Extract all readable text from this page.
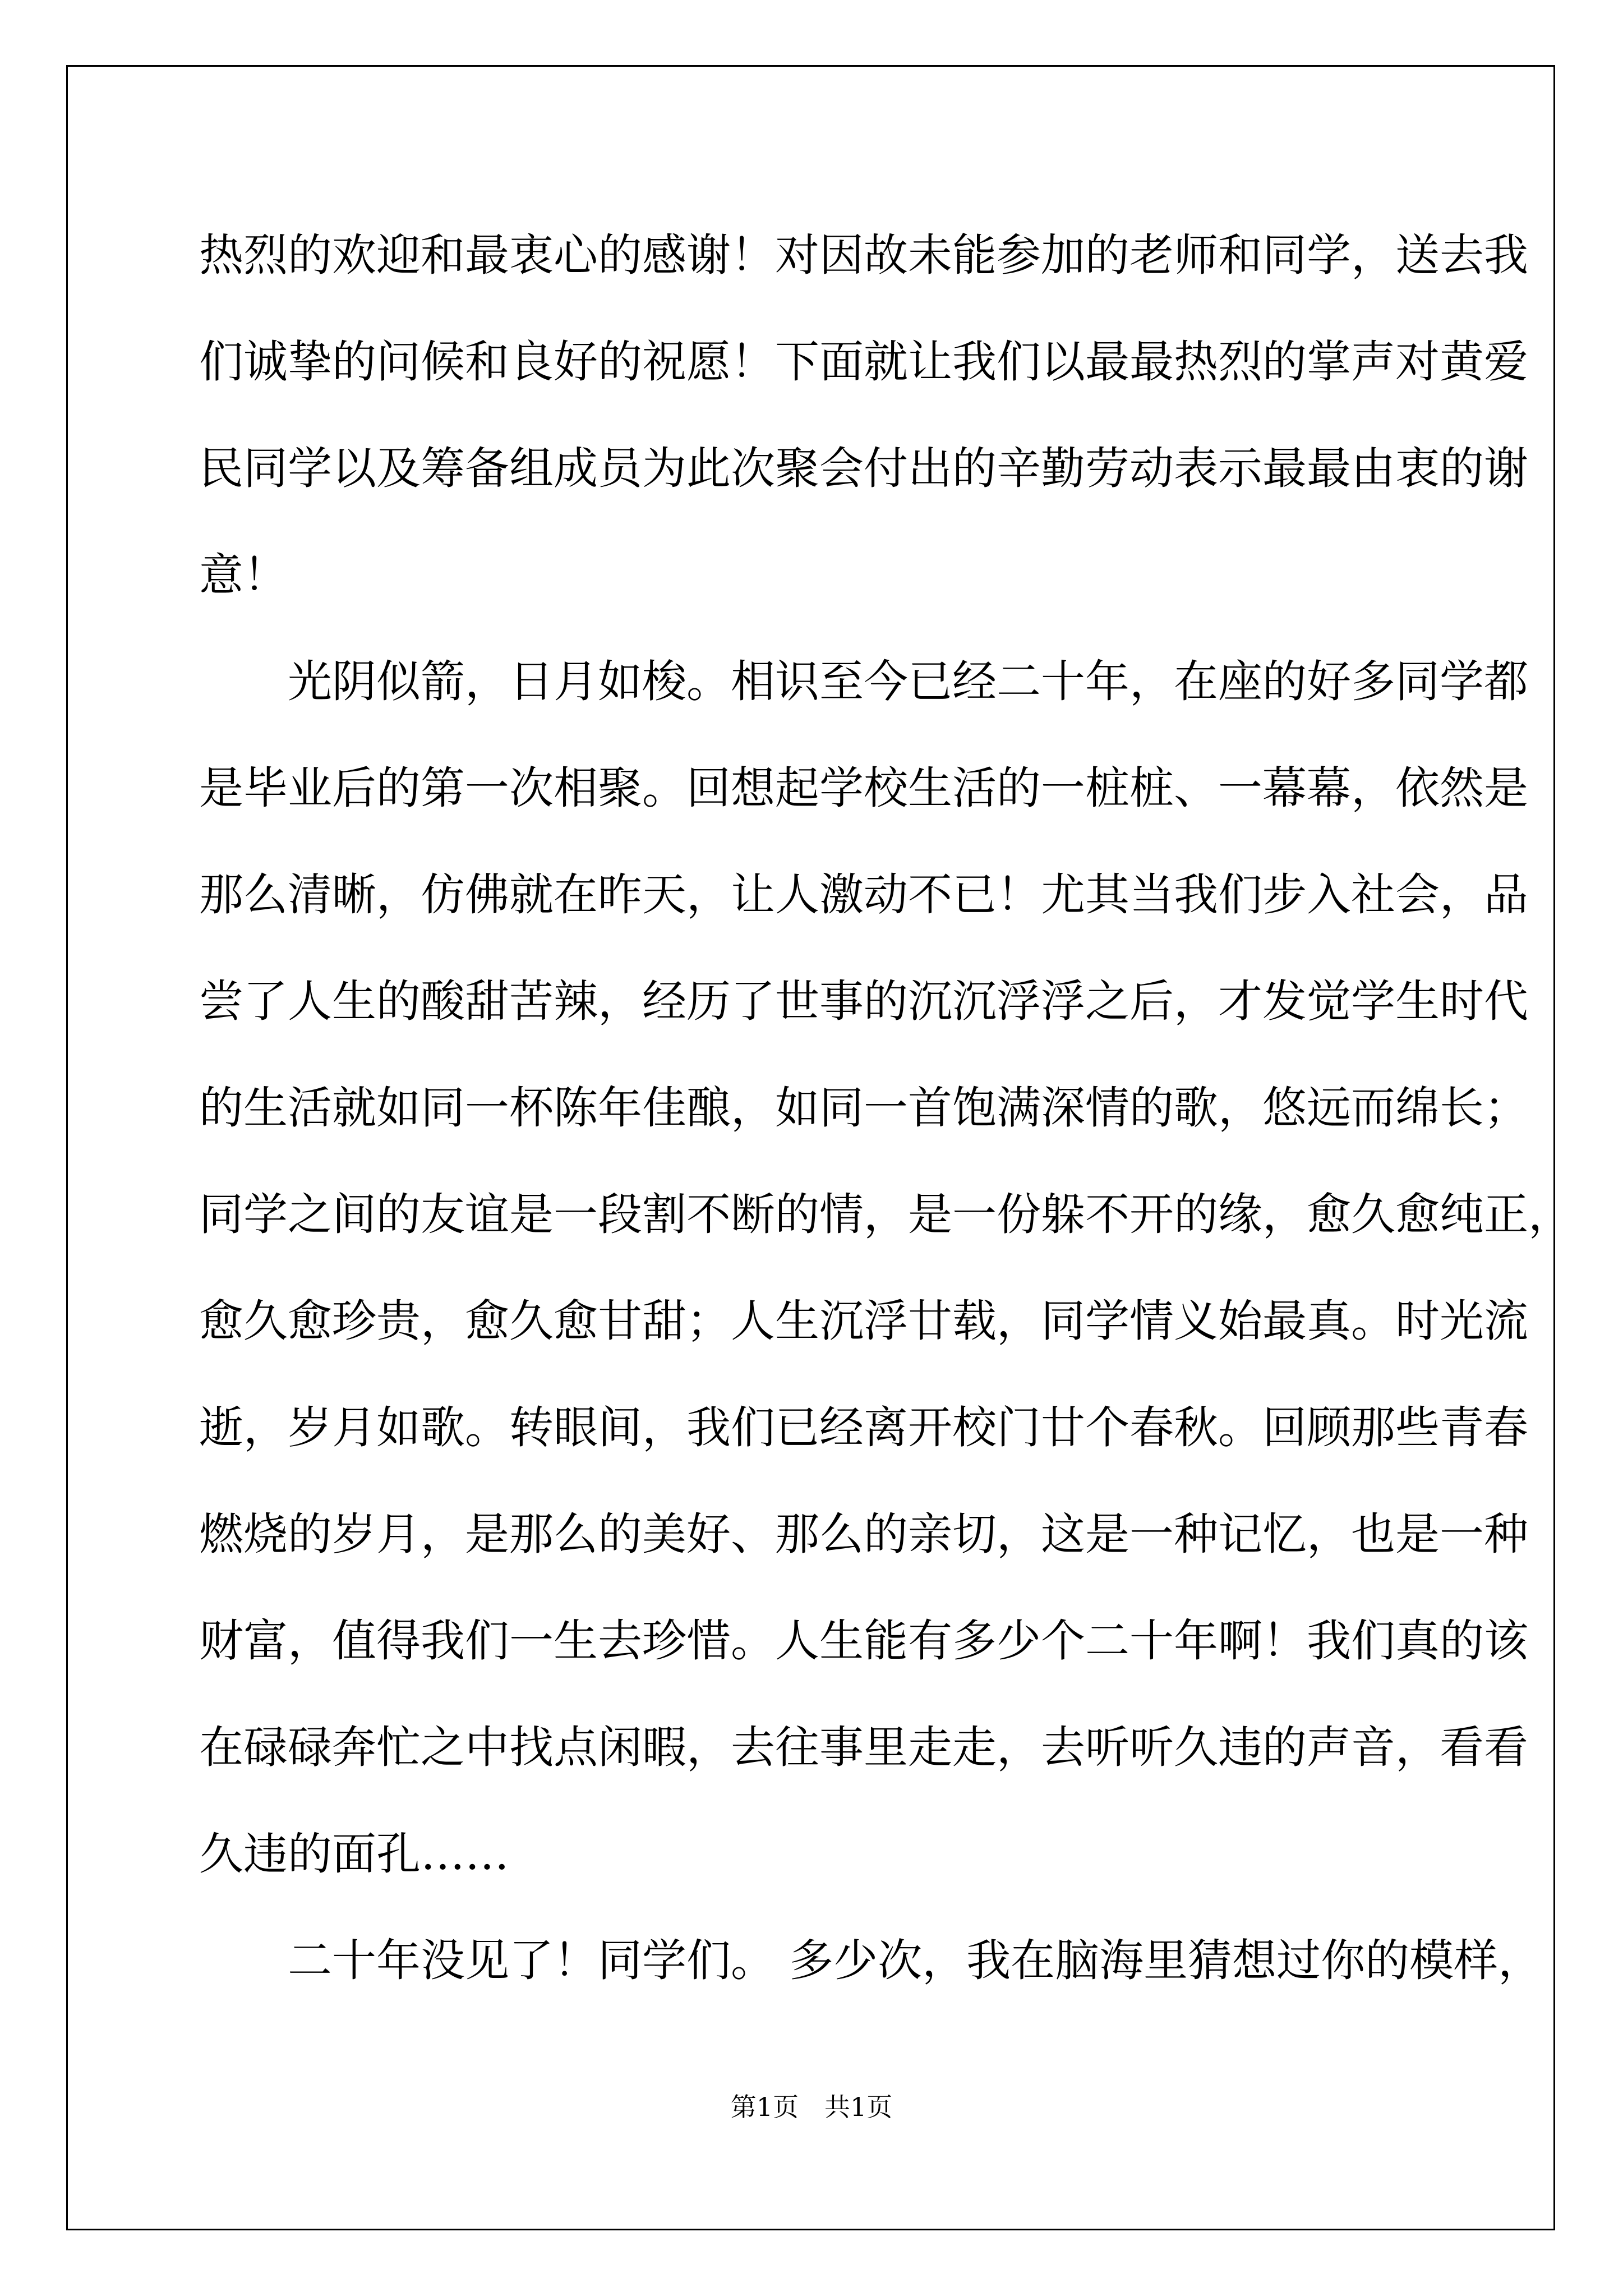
热烈的欢迎和最衷心的感谢！对因故未能参加的老师和同学，送去我
们诚挚的问候和良好的祝愿！下面就让我们以最最热烈的掌声对黄爱
民同学以及筹备组成员为此次聚会付出的辛勤劳动表示最最由衷的谢
意！
　　光阴似箭，日月如梭。相识至今已经二十年，在座的好多同学都
是毕业后的第一次相聚。回想起学校生活的一桩桩、一幕幕，依然是
那么清晰，仿佛就在昨天，让人激动不已！尤其当我们步入社会，品
尝了人生的酸甜苦辣，经历了世事的沉沉浮浮之后，才发觉学生时代
的生活就如同一杯陈年佳酿，如同一首饱满深情的歌，悠远而绵长；
同学之间的友谊是一段割不断的情，是一份躲不开的缘，愈久愈纯正，
愈久愈珍贵，愈久愈甘甜；人生沉浮廿载，同学情义始最真。时光流
逝，岁月如歌。转眼间，我们已经离开校门廿个春秋。回顾那些青春
燃烧的岁月，是那么的美好、那么的亲切，这是一种记忆，也是一种
财富，值得我们一生去珍惜。人生能有多少个二十年啊！我们真的该
在碌碌奔忙之中找点闲暇，去往事里走走，去听听久违的声音，看看
久违的面孔……
　　二十年没见了！同学们。 多少次，我在脑海里猜想过你的模样，
第1页　共1页
